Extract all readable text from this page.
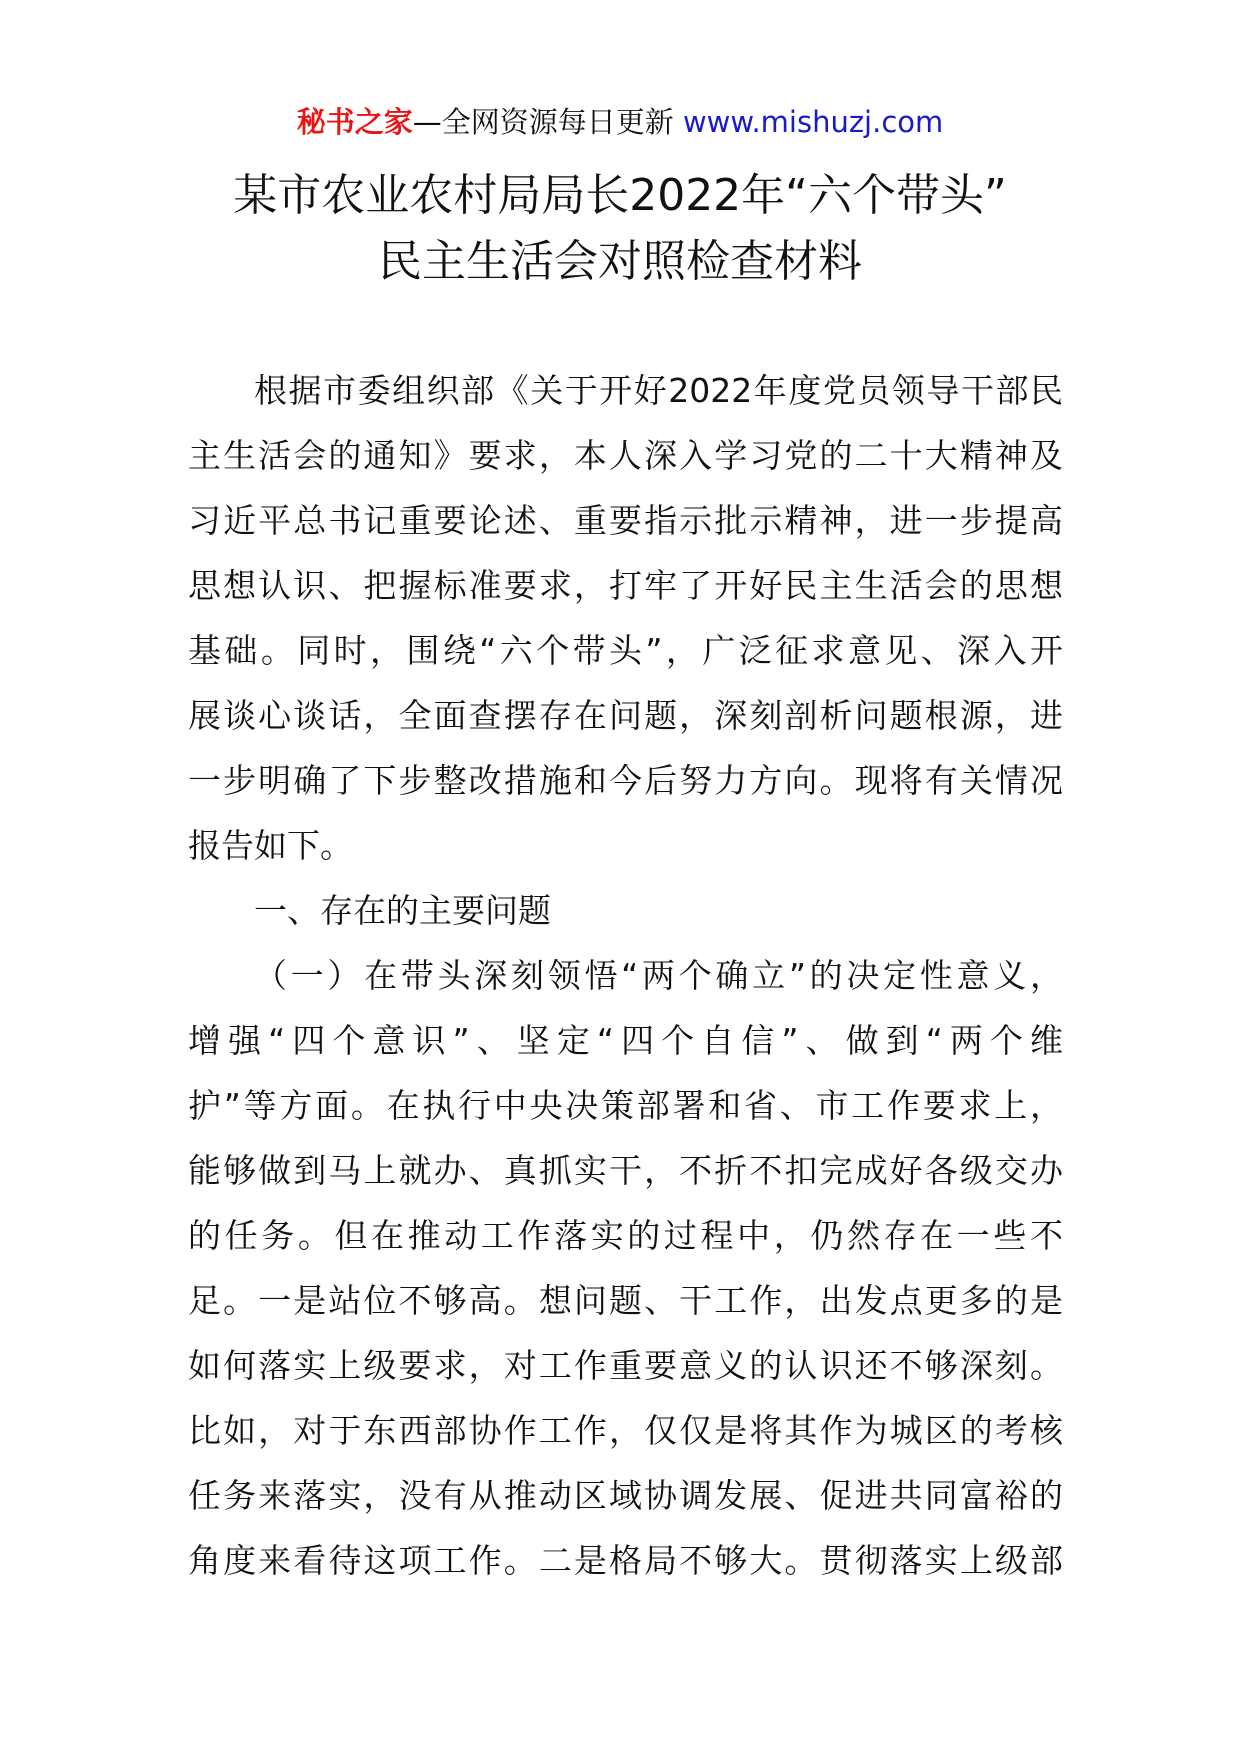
秘书之家—全网资源每日更新 www.mishuzj.com
某市农业农村局局长2022年“六个带头”
民主生活会对照检查材料
根据市委组织部《关于开好2022年度党员领导干部民
主生活会的通知》要求，本人深入学习党的二十大精神及
习近平总书记重要论述、重要指示批示精神，进一步提高
思想认识、把握标准要求，打牢了开好民主生活会的思想
基础。同时，围绕“六个带头”，广泛征求意见、深入开
展谈心谈话，全面查摆存在问题，深刻剖析问题根源，进
一步明确了下步整改措施和今后努力方向。现将有关情况
报告如下。
一、存在的主要问题
（一）在带头深刻领悟“两个确立”的决定性意义，
增强“四个意识”、坚定“四个自信”、做到“两个维
护”等方面。在执行中央决策部署和省、市工作要求上，
能够做到马上就办、真抓实干，不折不扣完成好各级交办
的任务。但在推动工作落实的过程中，仍然存在一些不
足。一是站位不够高。想问题、干工作，出发点更多的是
如何落实上级要求，对工作重要意义的认识还不够深刻。
比如，对于东西部协作工作，仅仅是将其作为城区的考核
任务来落实，没有从推动区域协调发展、促进共同富裕的
角度来看待这项工作。二是格局不够大。贯彻落实上级部
